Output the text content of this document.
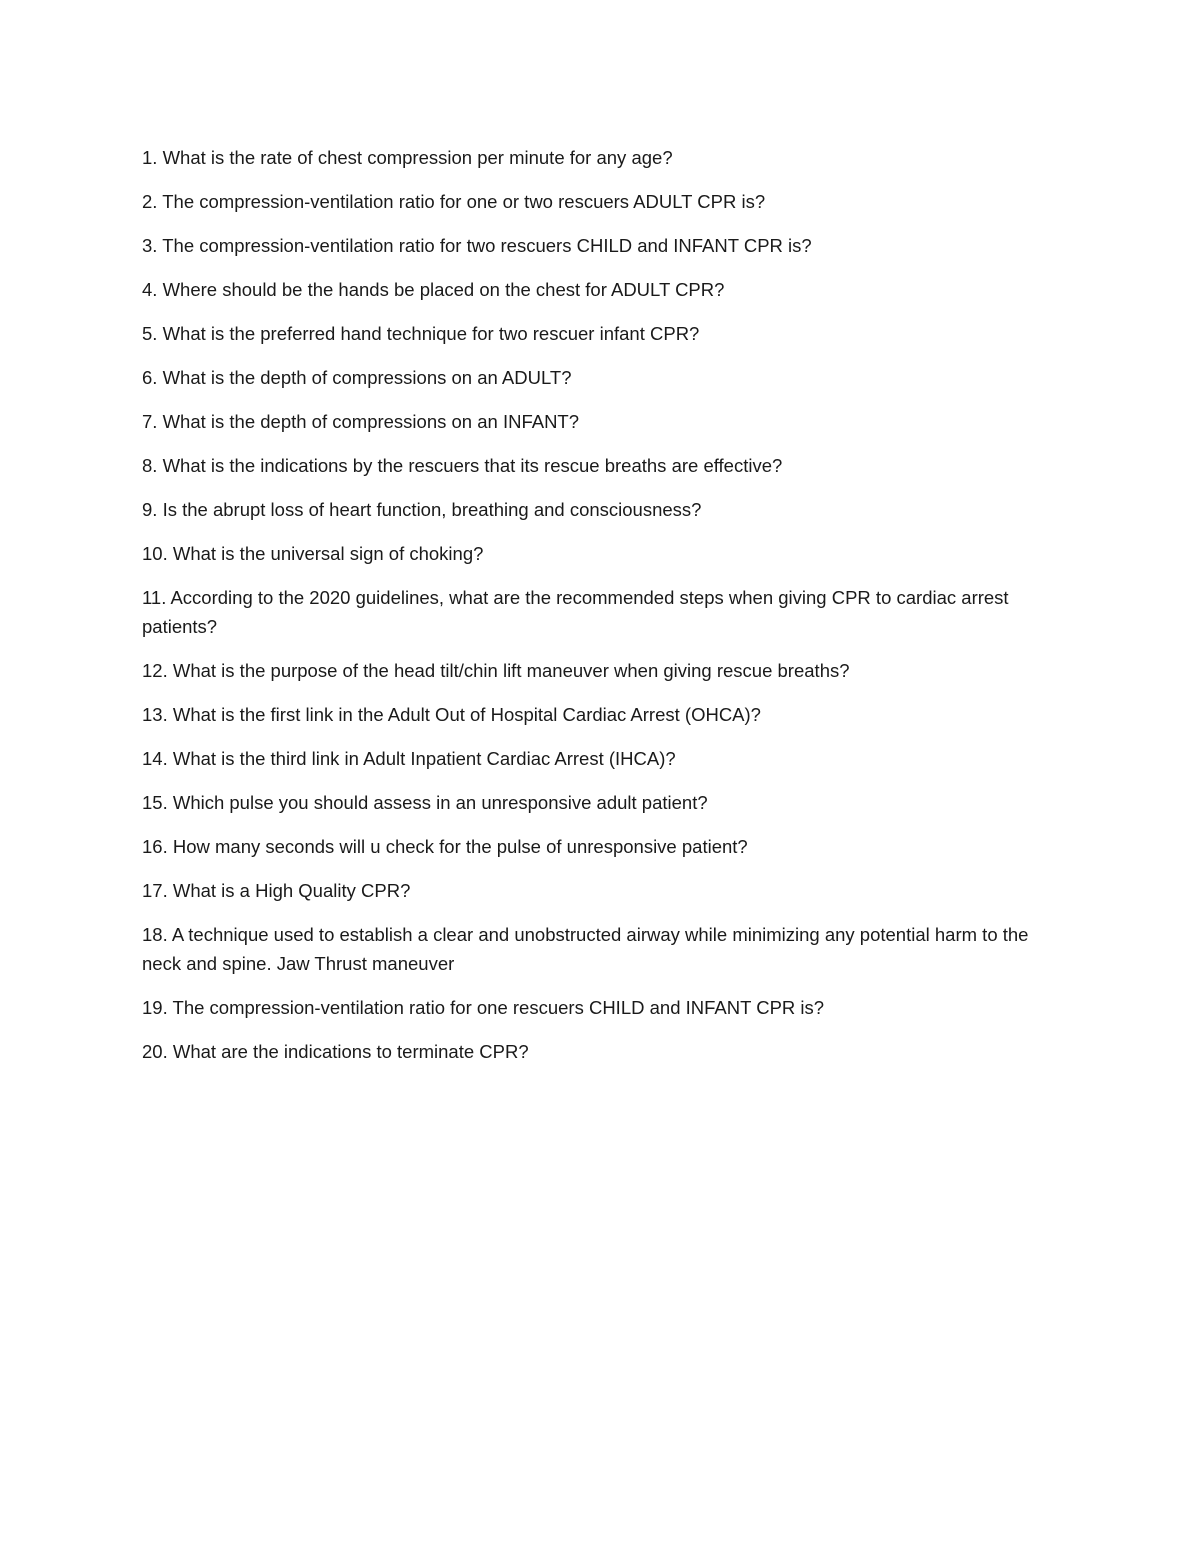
1. What is the rate of chest compression per minute for any age?
2. The compression-ventilation ratio for one or two rescuers ADULT CPR is?
3. The compression-ventilation ratio for two rescuers CHILD and INFANT CPR is?
4. Where should be the hands be placed on the chest for ADULT CPR?
5. What is the preferred hand technique for two rescuer infant CPR?
6. What is the depth of compressions on an ADULT?
7. What is the depth of compressions on an INFANT?
8. What is the indications by the rescuers that its rescue breaths are effective?
9. Is the abrupt loss of heart function, breathing and consciousness?
10. What is the universal sign of choking?
11. According to the 2020 guidelines, what are the recommended steps when giving CPR to cardiac arrest patients?
12. What is the purpose of the head tilt/chin lift maneuver when giving rescue breaths?
13. What is the first link in the Adult Out of Hospital Cardiac Arrest (OHCA)?
14. What is the third link in Adult Inpatient Cardiac Arrest (IHCA)?
15. Which pulse you should assess in an unresponsive adult patient?
16. How many seconds will u check for the pulse of unresponsive patient?
17. What is a High Quality CPR?
18. A technique used to establish a clear and unobstructed airway while minimizing any potential harm to the neck and spine. Jaw Thrust maneuver
19. The compression-ventilation ratio for one rescuers CHILD and INFANT CPR is?
20. What are the indications to terminate CPR?
